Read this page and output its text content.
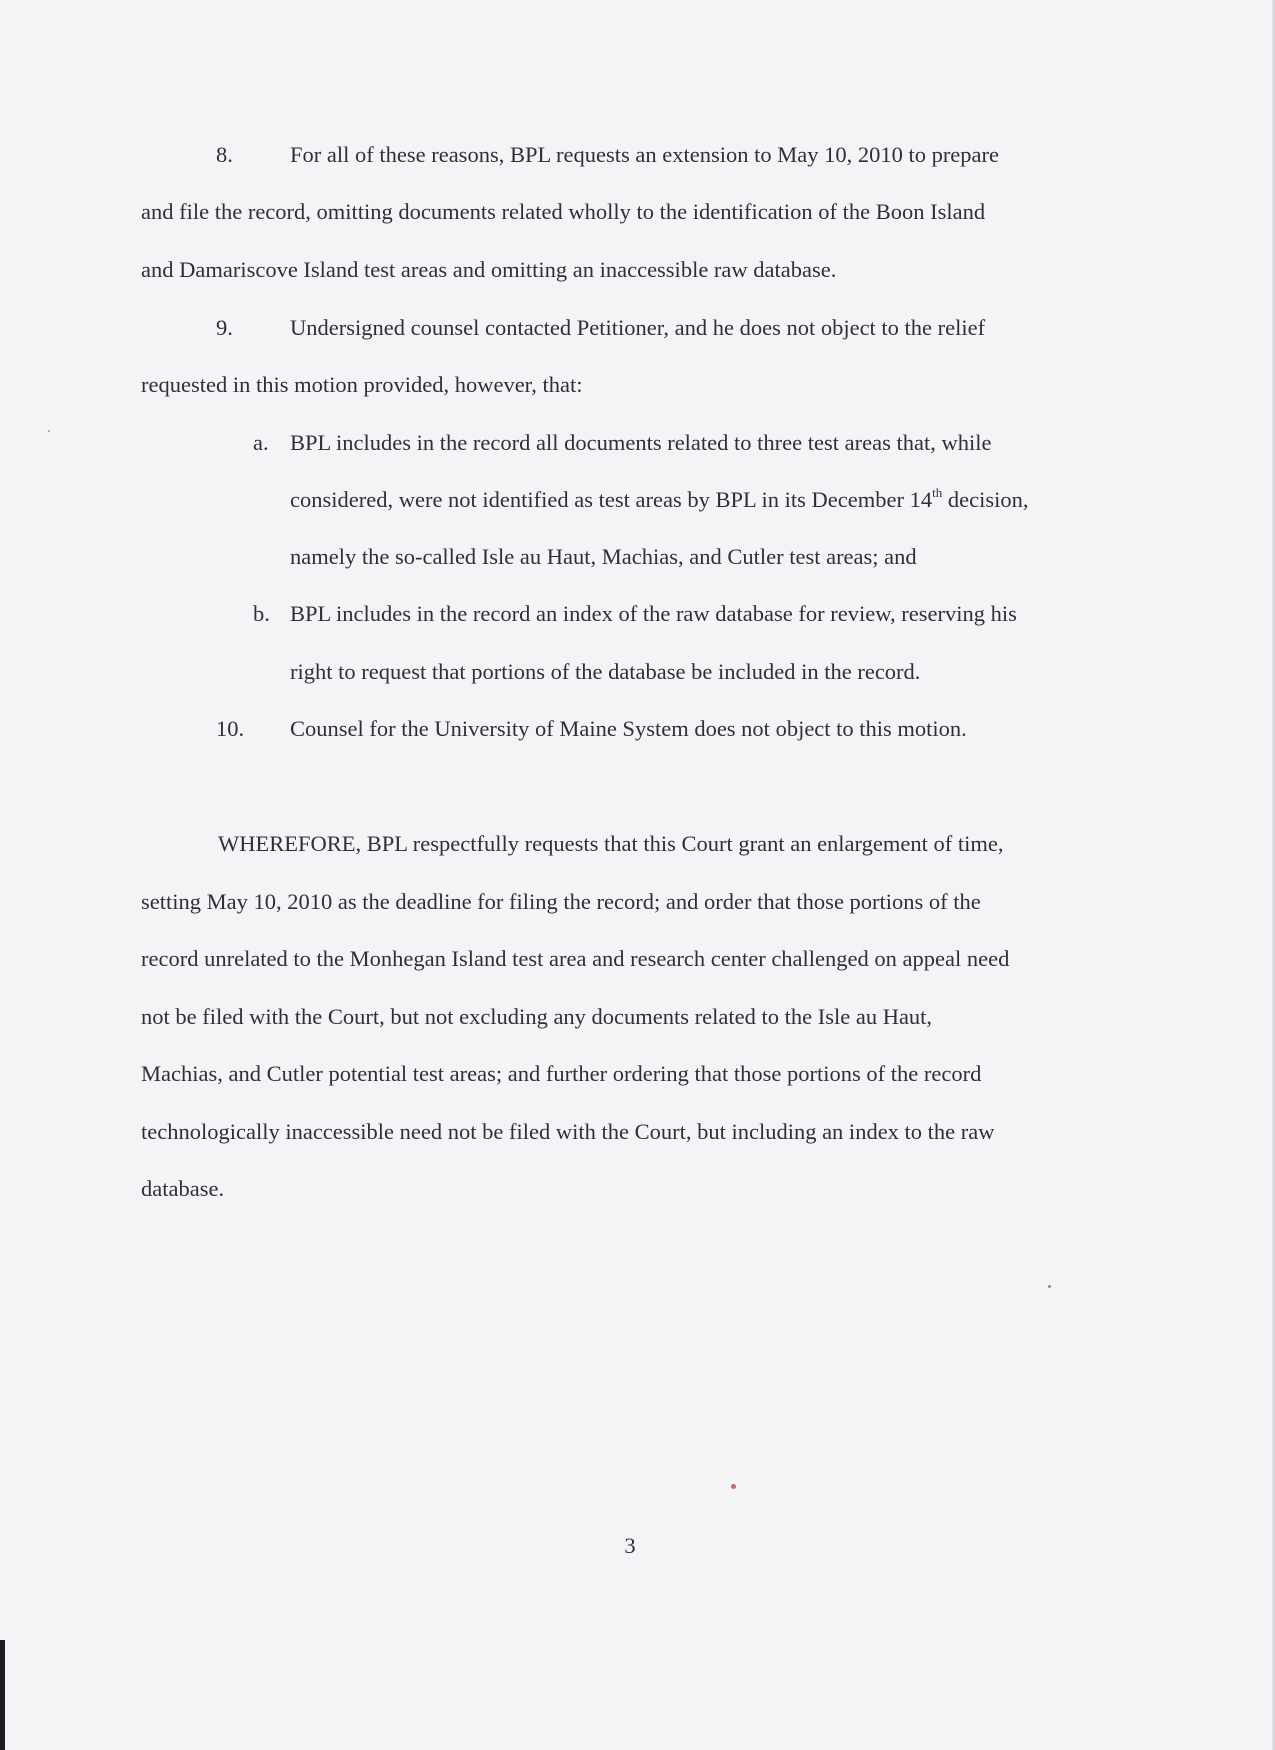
8.	For all of these reasons, BPL requests an extension to May 10, 2010 to prepare
and file the record, omitting documents related wholly to the identification of the Boon Island
and Damariscove Island test areas and omitting an inaccessible raw database.
9.	Undersigned counsel contacted Petitioner, and he does not object to the relief
requested in this motion provided, however, that:
a. BPL includes in the record all documents related to three test areas that, while
considered, were not identified as test areas by BPL in its December 14th decision,
namely the so-called Isle au Haut, Machias, and Cutler test areas; and
b. BPL includes in the record an index of the raw database for review, reserving his
right to request that portions of the database be included in the record.
10. Counsel for the University of Maine System does not object to this motion.
WHEREFORE, BPL respectfully requests that this Court grant an enlargement of time,
setting May 10, 2010 as the deadline for filing the record; and order that those portions of the
record unrelated to the Monhegan Island test area and research center challenged on appeal need
not be filed with the Court, but not excluding any documents related to the Isle au Haut,
Machias, and Cutler potential test areas; and further ordering that those portions of the record
technologically inaccessible need not be filed with the Court, but including an index to the raw
database.
3
